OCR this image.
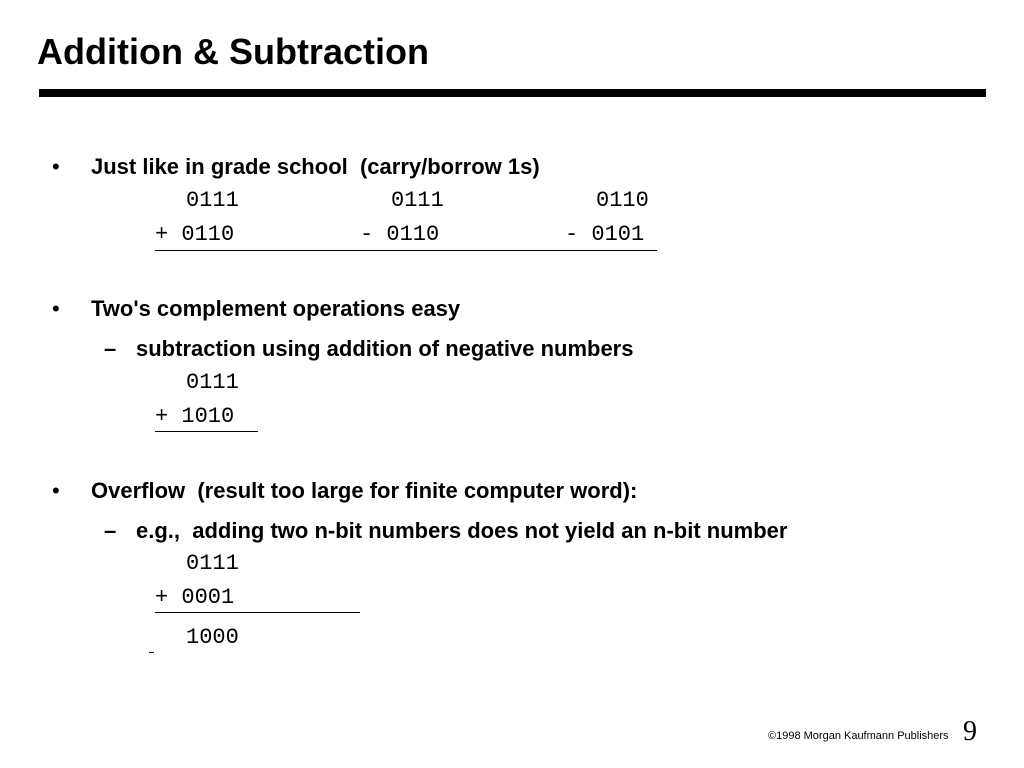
Addition & Subtraction
• Just like in grade school  (carry/borrow 1s)
0111
+ 0110
0111
- 0110
0110
- 0101
• Two's complement operations easy
– subtraction using addition of negative numbers
0111
+ 1010
• Overflow  (result too large for finite computer word):
– e.g.,  adding two n-bit numbers does not yield an n-bit number
0111
+ 0001
1000
©1998 Morgan Kaufmann Publishers 9
